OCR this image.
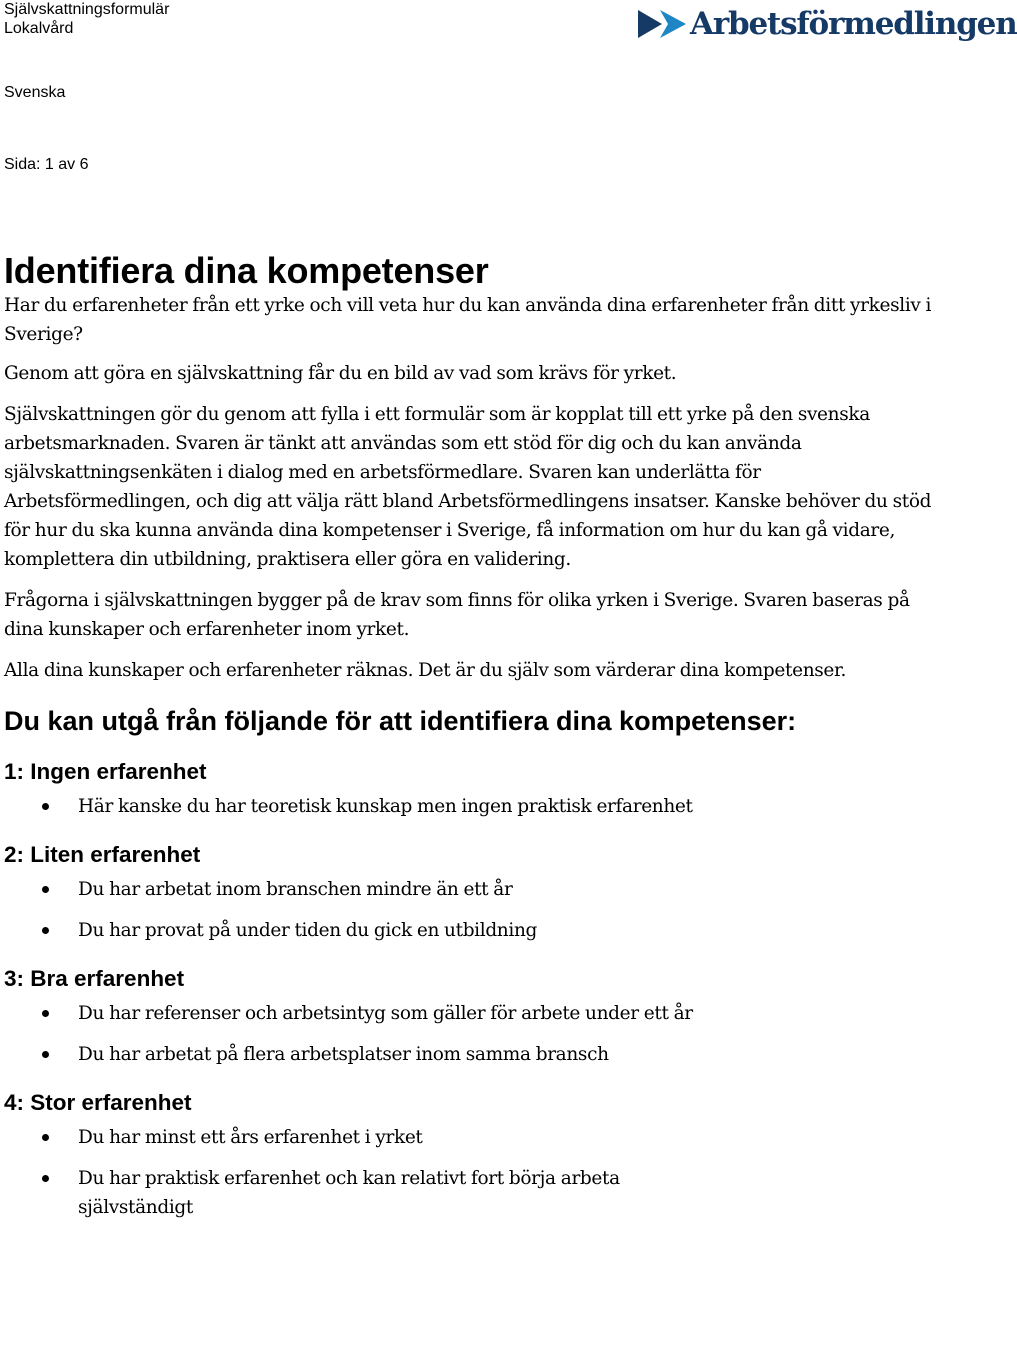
Självskattningsformulär
Lokalvård
Svenska
Sida: 1 av 6
Arbetsförmedlingen
Identifiera dina kompetenser

Har du erfarenheter från ett yrke och vill veta hur du kan använda dina erfarenheter från ditt yrkesliv i Sverige?

Genom att göra en självskattning får du en bild av vad som krävs för yrket.

Självskattningen gör du genom att fylla i ett formulär som är kopplat till ett yrke på den svenska arbetsmarknaden. Svaren är tänkt att användas som ett stöd för dig och du kan använda självskattningsenkäten i dialog med en arbetsförmedlare. Svaren kan underlätta för Arbetsförmedlingen, och dig att välja rätt bland Arbetsförmedlingens insatser. Kanske behöver du stöd för hur du ska kunna använda dina kompetenser i Sverige, få information om hur du kan gå vidare, komplettera din utbildning, praktisera eller göra en validering.

Frågorna i självskattningen bygger på de krav som finns för olika yrken i Sverige. Svaren baseras på dina kunskaper och erfarenheter inom yrket.

Alla dina kunskaper och erfarenheter räknas. Det är du själv som värderar dina kompetenser.

Du kan utgå från följande för att identifiera dina kompetenser:
1: Ingen erfarenhet
Här kanske du har teoretisk kunskap men ingen praktisk erfarenhet
2: Liten erfarenhet
Du har arbetat inom branschen mindre än ett år
Du har provat på under tiden du gick en utbildning
3: Bra erfarenhet
Du har referenser och arbetsintyg som gäller för arbete under ett år
Du har arbetat på flera arbetsplatser inom samma bransch
4: Stor erfarenhet
Du har minst ett års erfarenhet i yrket
Du har praktisk erfarenhet och kan relativt fort börja arbeta självständigt
